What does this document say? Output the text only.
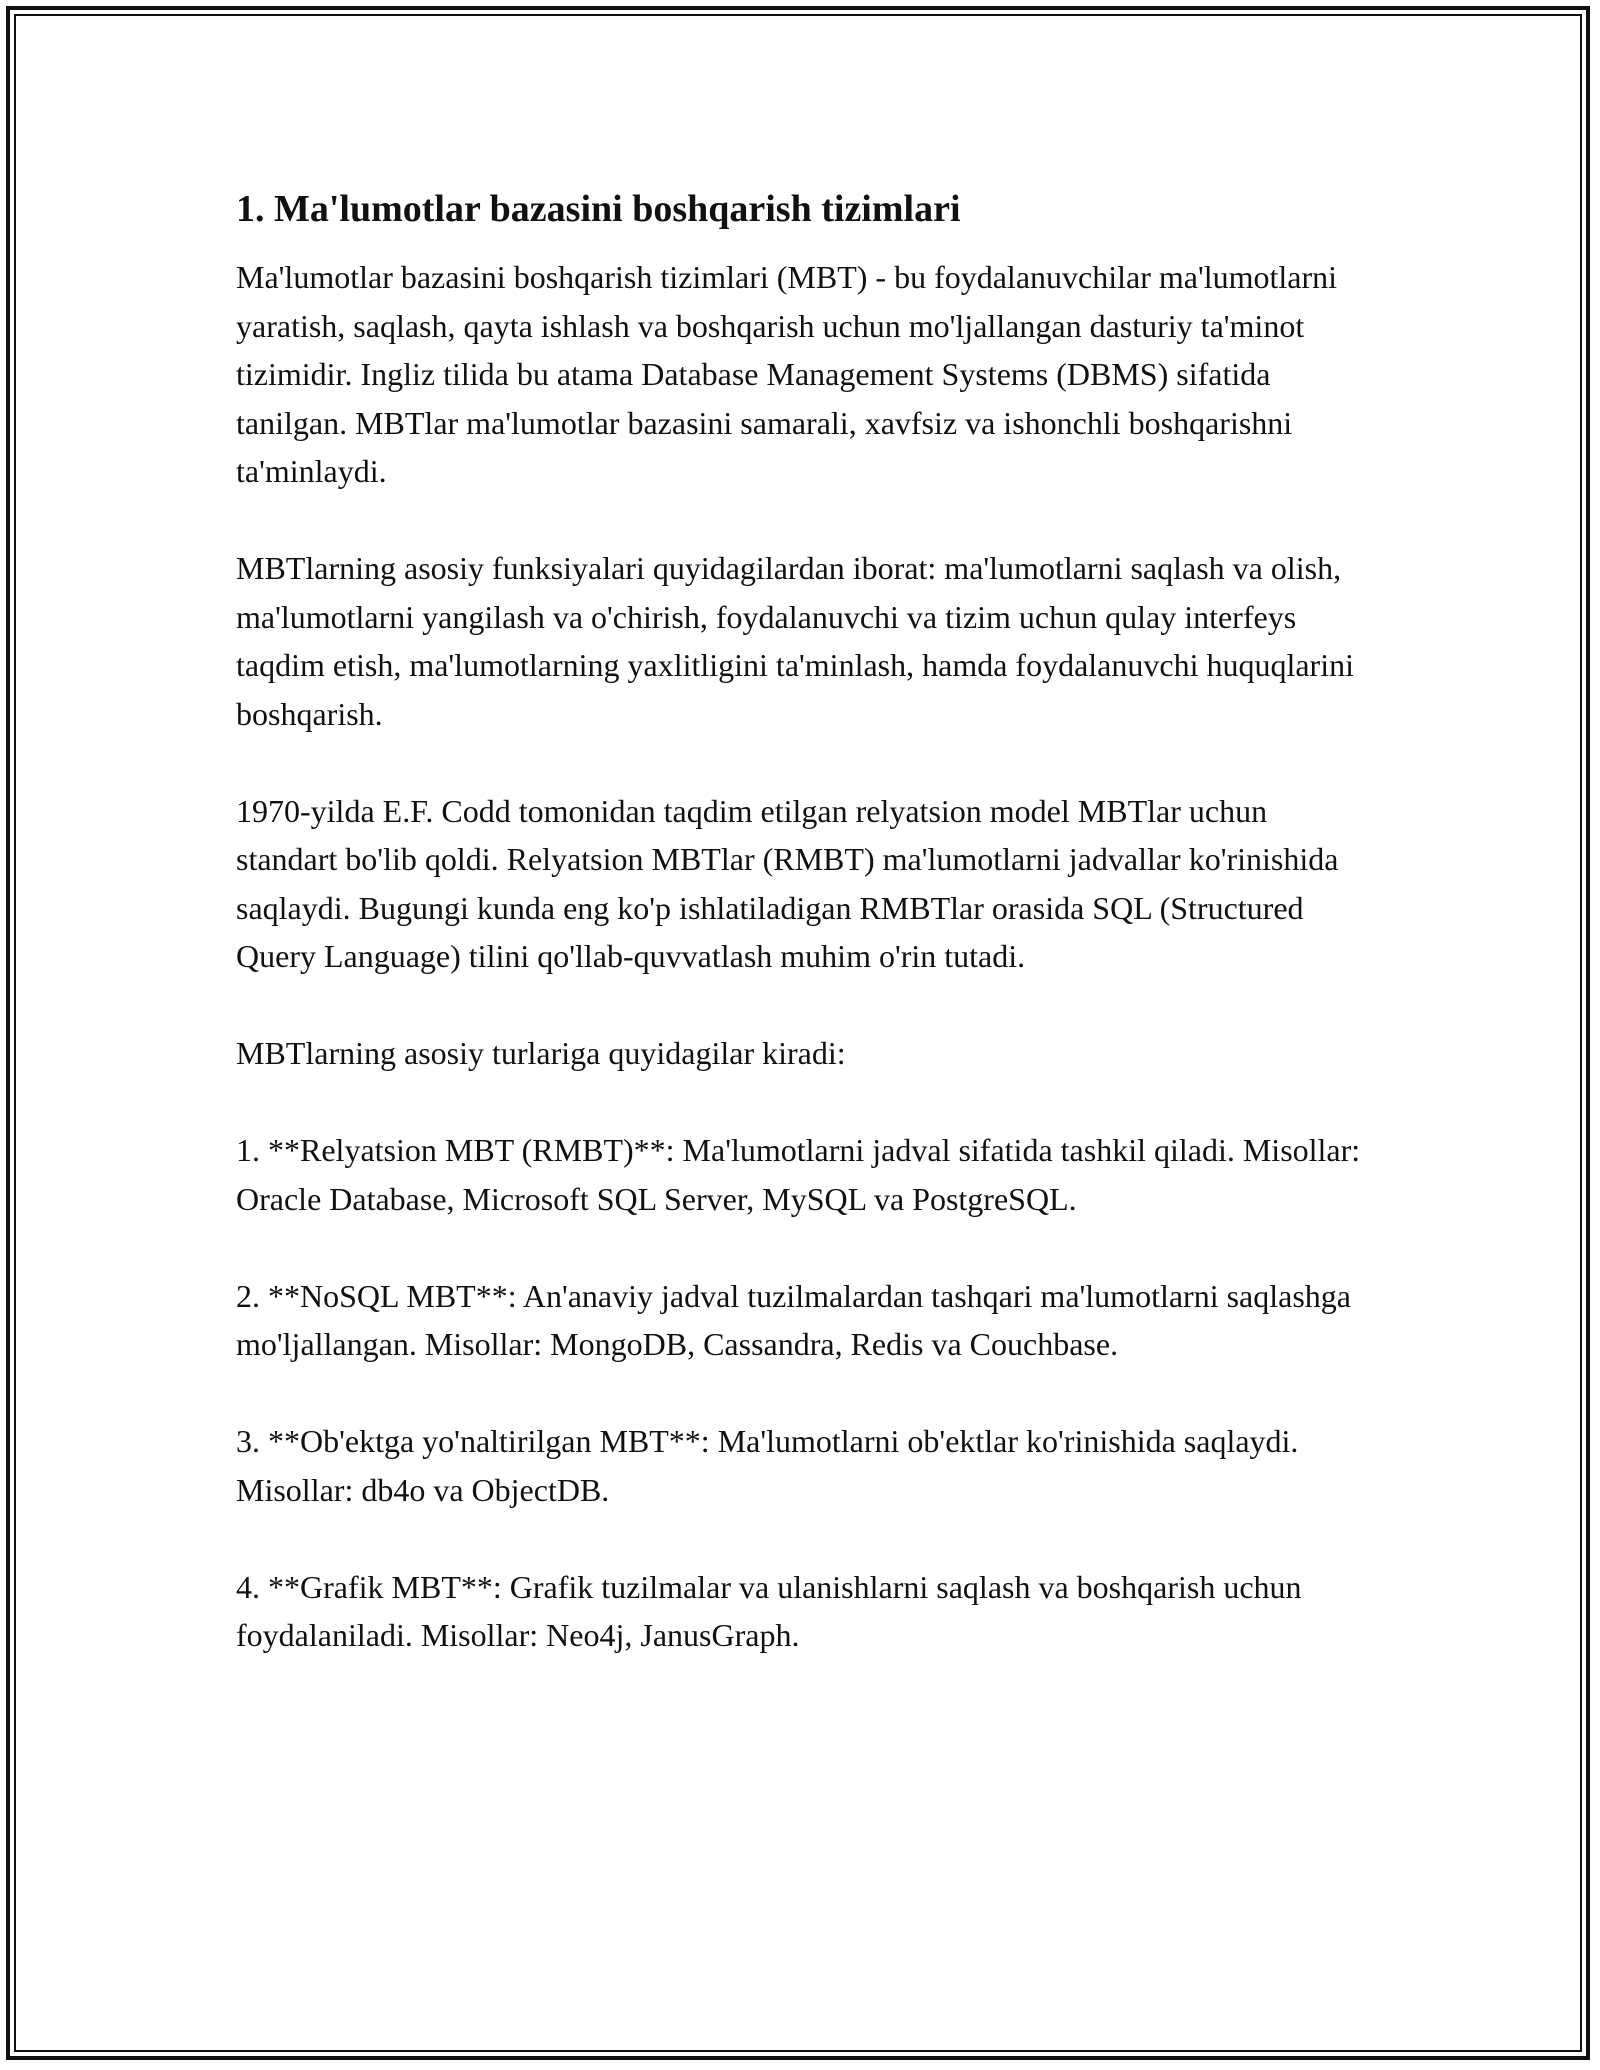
1. Ma'lumotlar bazasini boshqarish tizimlari

Ma'lumotlar bazasini boshqarish tizimlari (MBT) - bu foydalanuvchilar ma'lumotlarni yaratish, saqlash, qayta ishlash va boshqarish uchun mo'ljallangan dasturiy ta'minot tizimidir. Ingliz tilida bu atama Database Management Systems (DBMS) sifatida tanilgan. MBTlar ma'lumotlar bazasini samarali, xavfsiz va ishonchli boshqarishni ta'minlaydi.

MBTlarning asosiy funksiyalari quyidagilardan iborat: ma'lumotlarni saqlash va olish, ma'lumotlarni yangilash va o'chirish, foydalanuvchi va tizim uchun qulay interfeys taqdim etish, ma'lumotlarning yaxlitligini ta'minlash, hamda foydalanuvchi huquqlarini boshqarish.

1970-yilda E.F. Codd tomonidan taqdim etilgan relyatsion model MBTlar uchun standart bo'lib qoldi. Relyatsion MBTlar (RMBT) ma'lumotlarni jadvallar ko'rinishida saqlaydi. Bugungi kunda eng ko'p ishlatiladigan RMBTlar orasida SQL (Structured Query Language) tilini qo'llab-quvvatlash muhim o'rin tutadi.

MBTlarning asosiy turlariga quyidagilar kiradi:

1. **Relyatsion MBT (RMBT)**: Ma'lumotlarni jadval sifatida tashkil qiladi. Misollar: Oracle Database, Microsoft SQL Server, MySQL va PostgreSQL.

2. **NoSQL MBT**: An'anaviy jadval tuzilmalardan tashqari ma'lumotlarni saqlashga mo'ljallangan. Misollar: MongoDB, Cassandra, Redis va Couchbase.

3. **Ob'ektga yo'naltirilgan MBT**: Ma'lumotlarni ob'ektlar ko'rinishida saqlaydi. Misollar: db4o va ObjectDB.

4. **Grafik MBT**: Grafik tuzilmalar va ulanishlarni saqlash va boshqarish uchun foydalaniladi. Misollar: Neo4j, JanusGraph.
